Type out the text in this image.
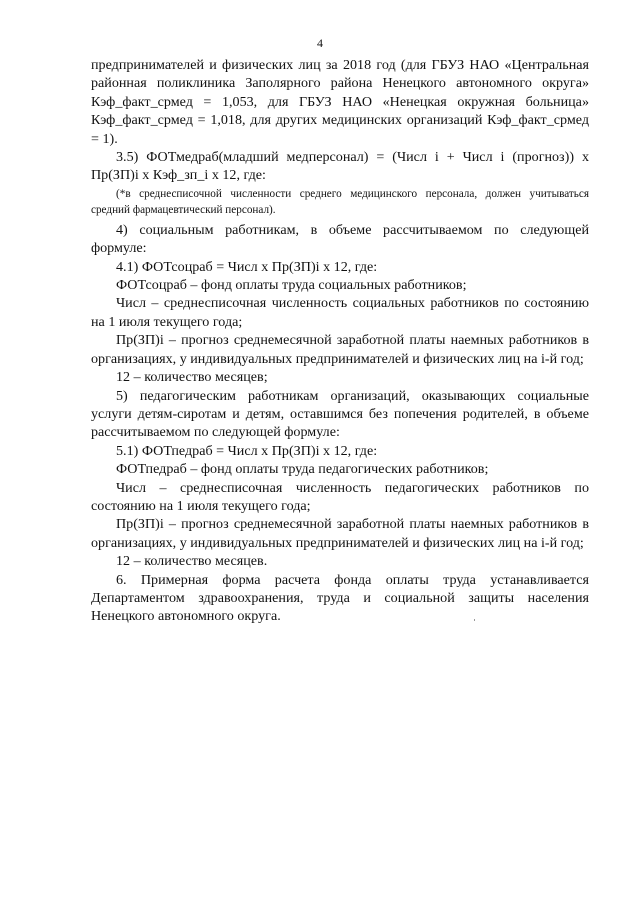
4

предпринимателей и физических лиц за 2018 год (для ГБУЗ НАО «Центральная районная поликлиника Заполярного района Ненецкого автономного округа» Кэф_факт_срмед = 1,053, для ГБУЗ НАО «Ненецкая окружная больница» Кэф_факт_срмед = 1,018, для других медицинских организаций Кэф_факт_срмед = 1).

3.5) ФОТмедраб(младший медперсонал) = (Числ i + Числ i (прогноз)) х Пр(ЗП)i х Кэф_зп_i х 12, где:

(*в среднесписочной численности среднего медицинского персонала, должен учитываться средний фармацевтический персонал).

4) социальным работникам, в объеме рассчитываемом по следующей формуле:

4.1) ФОТсоцраб = Числ х Пр(ЗП)i х 12, где:

ФОТсоцраб – фонд оплаты труда социальных работников;

Числ – среднесписочная численность социальных работников по состоянию на 1 июля текущего года;

Пр(ЗП)i – прогноз среднемесячной заработной платы наемных работников в организациях, у индивидуальных предпринимателей и физических лиц на i-й год;

12 – количество месяцев;

5) педагогическим работникам организаций, оказывающих социальные услуги детям-сиротам и детям, оставшимся без попечения родителей, в объеме рассчитываемом по следующей формуле:

5.1) ФОТпедраб = Числ х Пр(ЗП)i х 12, где:

ФОТпедраб – фонд оплаты труда педагогических работников;

Числ – среднесписочная численность педагогических работников по состоянию на 1 июля текущего года;

Пр(ЗП)i – прогноз среднемесячной заработной платы наемных работников в организациях, у индивидуальных предпринимателей и физических лиц на i-й год;

12 – количество месяцев.

6. Примерная форма расчета фонда оплаты труда устанавливается Департаментом здравоохранения, труда и социальной защиты населения Ненецкого автономного округа.
